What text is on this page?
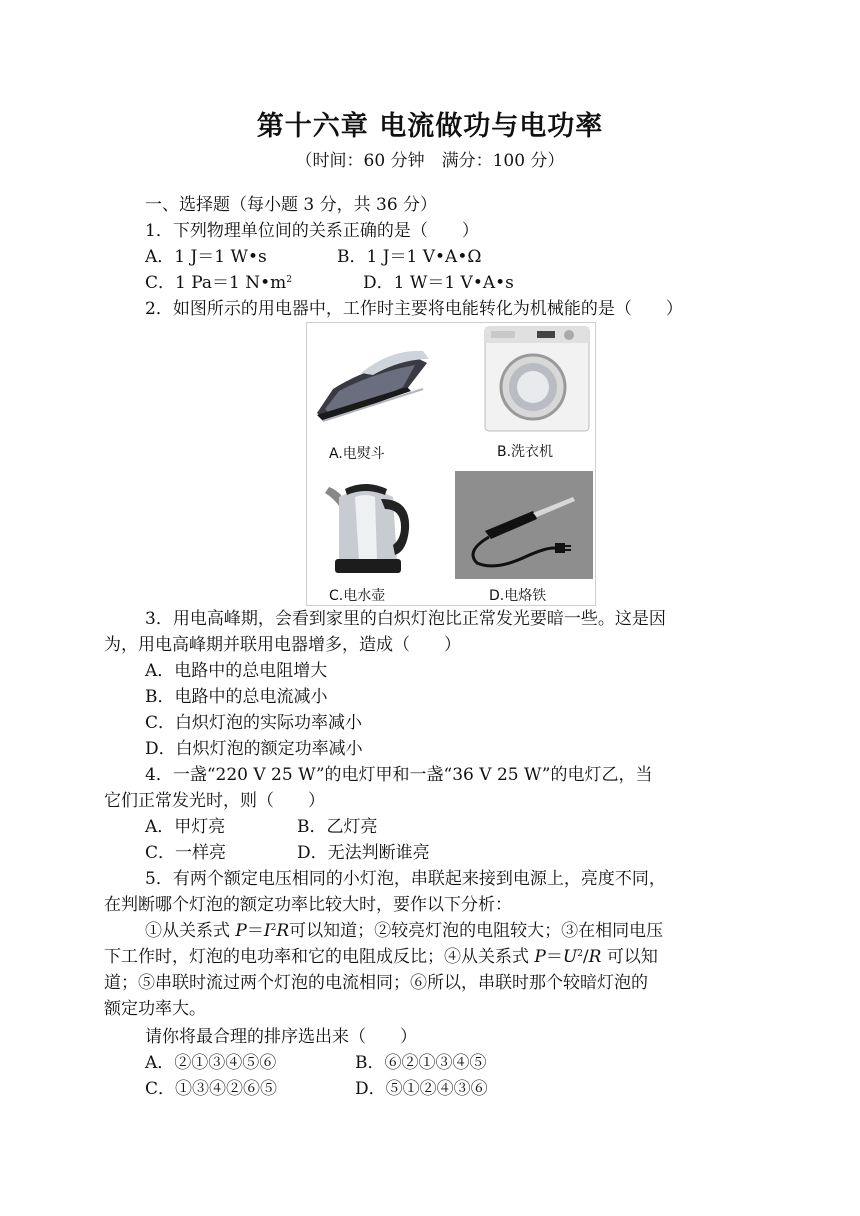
第十六章 电流做功与电功率
（时间：60 分钟　满分：100 分）
一、选择题（每小题 3 分，共 36 分）
1．下列物理单位间的关系正确的是（　　）
A．1 J＝1 W•s	B．1 J＝1 V•A•Ω
C．1 Pa＝1 $N•m^2$	D．1 W＝1 V•A•s
2．如图所示的用电器中，工作时主要将电能转化为机械能的是（　　）
A.电熨斗	B.洗衣机
C.电水壶	D.电烙铁
3．用电高峰期，会看到家里的白炽灯泡比正常发光要暗一些。这是因
为，用电高峰期并联用电器增多，造成（　　）
A．电路中的总电阻增大
B．电路中的总电流减小
C．白炽灯泡的实际功率减小
D．白炽灯泡的额定功率减小
4．一盏“220 V 25 W”的电灯甲和一盏“36 V 25 W”的电灯乙，当
它们正常发光时，则（　　）
A．甲灯亮	B．乙灯亮
C．一样亮	D．无法判断谁亮
5．有两个额定电压相同的小灯泡，串联起来接到电源上，亮度不同，
在判断哪个灯泡的额定功率比较大时，要作以下分析：
①从关系式 $P=I^2R$可以知道；②较亮灯泡的电阻较大；③在相同电压
下工作时，灯泡的电功率和它的电阻成反比；④从关系式 $P=U^2/R$ 可以知
道；⑤串联时流过两个灯泡的电流相同；⑥所以，串联时那个较暗灯泡的
额定功率大。
请你将最合理的排序选出来（　　）
A．②①③④⑤⑥	B．⑥②①③④⑤
C．①③④②⑥⑤	D．⑤①②④③⑥
